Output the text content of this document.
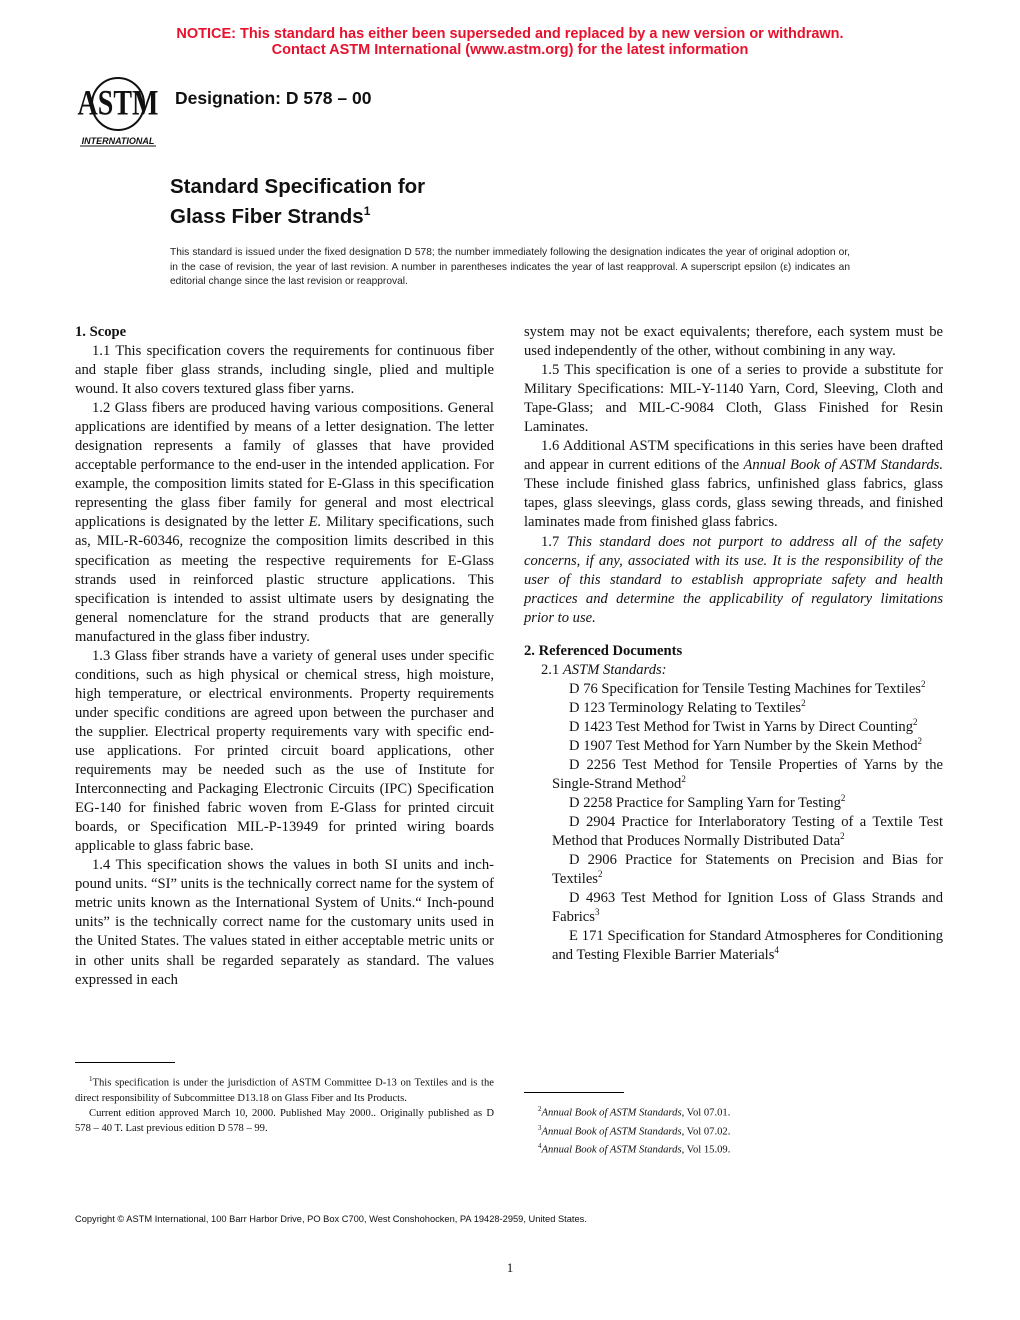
NOTICE: This standard has either been superseded and replaced by a new version or withdrawn.
Contact ASTM International (www.astm.org) for the latest information
ASTM
INTERNATIONAL
Designation: D 578 – 00
Standard Specification for
Glass Fiber Strands$^1$
This standard is issued under the fixed designation D 578; the number immediately following the designation indicates the year of original adoption or, in the case of revision, the year of last revision. A number in parentheses indicates the year of last reapproval. A superscript epsilon (ε) indicates an editorial change since the last revision or reapproval.
1. Scope

1.1 This specification covers the requirements for continuous fiber and staple fiber glass strands, including single, plied and multiple wound. It also covers textured glass fiber yarns.

1.2 Glass fibers are produced having various compositions. General applications are identified by means of a letter designation. The letter designation represents a family of glasses that have provided acceptable performance to the end-user in the intended application. For example, the composition limits stated for E-Glass in this specification representing the glass fiber family for general and most electrical applications is designated by the letter E. Military specifications, such as, MIL-R-60346, recognize the composition limits described in this specification as meeting the respective requirements for E-Glass strands used in reinforced plastic structure applications. This specification is intended to assist ultimate users by designating the general nomenclature for the strand products that are generally manufactured in the glass fiber industry.

1.3 Glass fiber strands have a variety of general uses under specific conditions, such as high physical or chemical stress, high moisture, high temperature, or electrical environments. Property requirements under specific conditions are agreed upon between the purchaser and the supplier. Electrical property requirements vary with specific end-use applications. For printed circuit board applications, other requirements may be needed such as the use of Institute for Interconnecting and Packaging Electronic Circuits (IPC) Specification EG-140 for finished fabric woven from E-Glass for printed circuit boards, or Specification MIL-P-13949 for printed wiring boards applicable to glass fabric base.

1.4 This specification shows the values in both SI units and inch-pound units. “SI” units is the technically correct name for the system of metric units known as the International System of Units.“ Inch-pound units” is the technically correct name for the customary units used in the United States. The values stated in either acceptable metric units or in other units shall be regarded separately as standard. The values expressed in each

system may not be exact equivalents; therefore, each system must be used independently of the other, without combining in any way.

1.5 This specification is one of a series to provide a substitute for Military Specifications: MIL-Y-1140 Yarn, Cord, Sleeving, Cloth and Tape-Glass; and MIL-C-9084 Cloth, Glass Finished for Resin Laminates.

1.6 Additional ASTM specifications in this series have been drafted and appear in current editions of the Annual Book of ASTM Standards. These include finished glass fabrics, unfinished glass fabrics, glass tapes, glass sleevings, glass cords, glass sewing threads, and finished laminates made from finished glass fabrics.

1.7 This standard does not purport to address all of the safety concerns, if any, associated with its use. It is the responsibility of the user of this standard to establish appropriate safety and health practices and determine the applicability of regulatory limitations prior to use.

2. Referenced Documents

2.1 ASTM Standards:

D 76 Specification for Tensile Testing Machines for Textiles$^2$

D 123 Terminology Relating to Textiles$^2$

D 1423 Test Method for Twist in Yarns by Direct Counting$^2$

D 1907 Test Method for Yarn Number by the Skein Method$^2$

D 2256 Test Method for Tensile Properties of Yarns by the Single-Strand Method$^2$

D 2258 Practice for Sampling Yarn for Testing$^2$

D 2904 Practice for Interlaboratory Testing of a Textile Test Method that Produces Normally Distributed Data$^2$

D 2906 Practice for Statements on Precision and Bias for Textiles$^2$

D 4963 Test Method for Ignition Loss of Glass Strands and Fabrics$^3$

E 171 Specification for Standard Atmospheres for Conditioning and Testing Flexible Barrier Materials$^4$

$^1$This specification is under the jurisdiction of ASTM Committee D-13 on Textiles and is the direct responsibility of Subcommittee D13.18 on Glass Fiber and Its Products.

Current edition approved March 10, 2000. Published May 2000.. Originally published as D 578 – 40 T. Last previous edition D 578 – 99.

$^2$Annual Book of ASTM Standards, Vol 07.01.

$^3$Annual Book of ASTM Standards, Vol 07.02.

$^4$Annual Book of ASTM Standards, Vol 15.09.

Copyright © ASTM International, 100 Barr Harbor Drive, PO Box C700, West Conshohocken, PA 19428-2959, United States.
1
